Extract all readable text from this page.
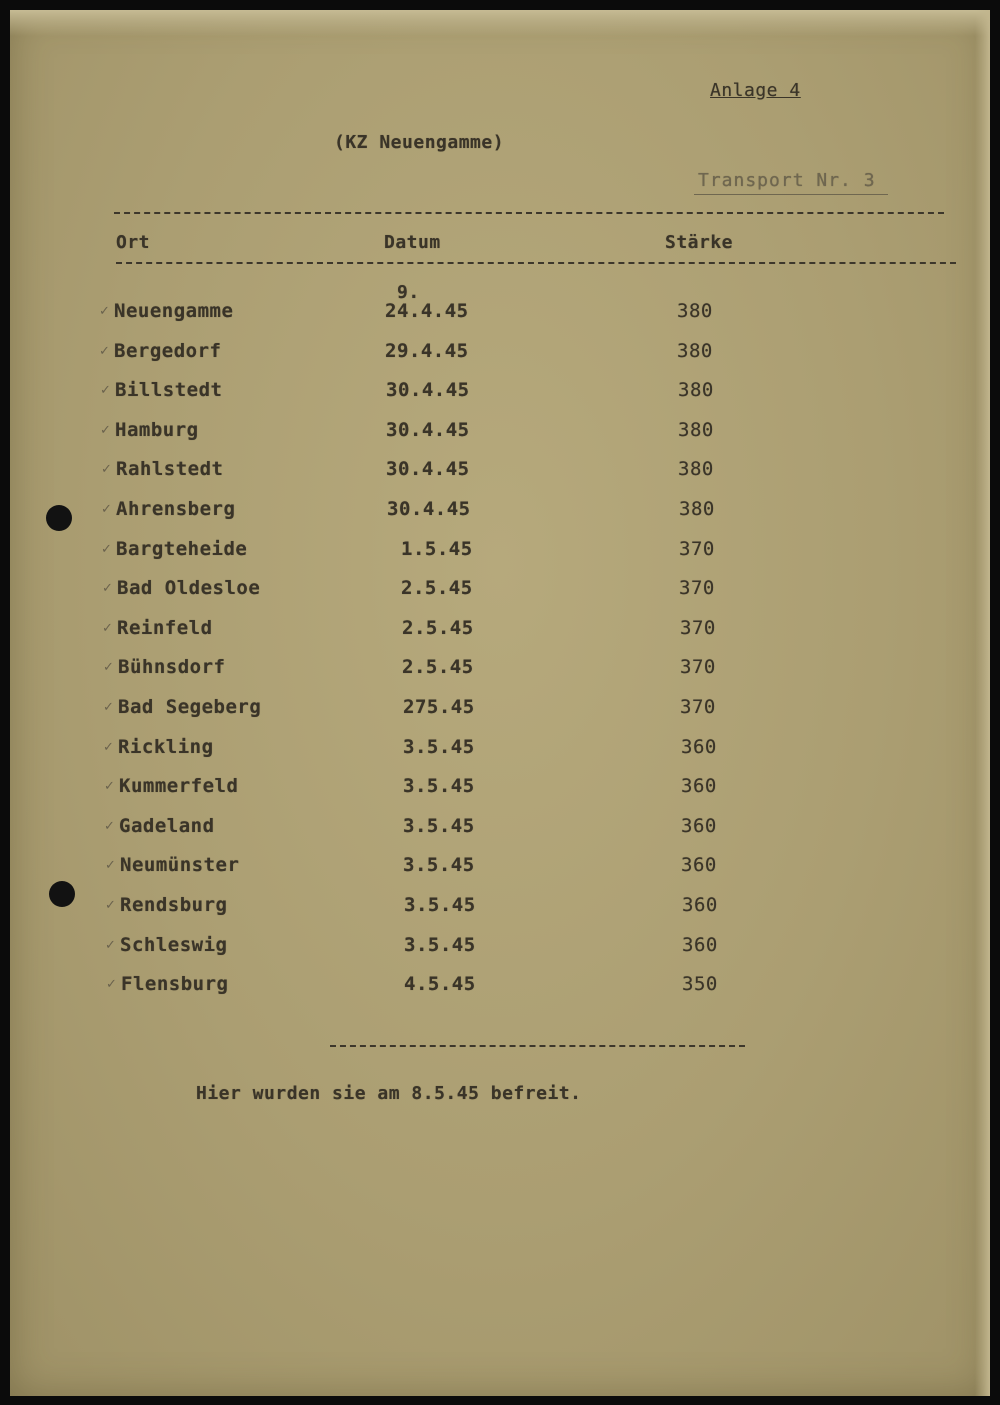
Anlage 4
(KZ Neuengamme)
Transport Nr. 3
Ort	Datum	Stärke
9.
✓ Neuengamme	24.4.45	380
✓ Bergedorf	29.4.45	380
✓ Billstedt	30.4.45	380
✓ Hamburg	30.4.45	380
✓ Rahlstedt	30.4.45	380
✓ Ahrensberg	30.4.45	380
✓ Bargteheide	1.5.45	370
✓ Bad Oldesloe	2.5.45	370
✓ Reinfeld	2.5.45	370
✓ Bühnsdorf	2.5.45	370
✓ Bad Segeberg	275.45	370
✓ Rickling	3.5.45	360
✓ Kummerfeld	3.5.45	360
✓ Gadeland	3.5.45	360
✓ Neumünster	3.5.45	360
✓ Rendsburg	3.5.45	360
✓ Schleswig	3.5.45	360
✓ Flensburg	4.5.45	350
Hier wurden sie am 8.5.45 befreit.
